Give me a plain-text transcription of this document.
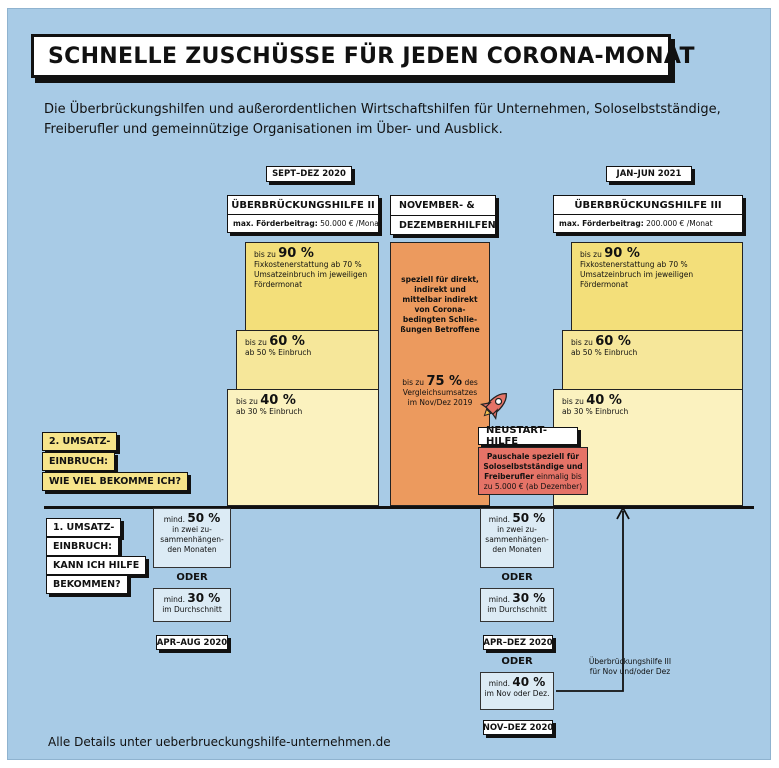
SCHNELLE ZUSCHÜSSE FÜR JEDEN CORONA-MONAT
Die Überbrückungshilfen und außerordentlichen Wirtschaftshilfen für Unternehmen, Soloselbstständige,
Freiberufler und gemeinnützige Organisationen im Über- und Ausblick.
SEPT–DEZ 2020	JAN–JUN 2021
ÜBERBRÜCKUNGSHILFE II
max. Förderbeitrag: 50.000 € /Monat
NOVEMBER- &
DEZEMBERHILFEN
ÜBERBRÜCKUNGSHILFE III
max. Förderbeitrag: 200.000 € /Monat
bis zu 90 %
Fixkostenerstattung ab 70 %
Umsatzeinbruch im jeweiligen
Fördermonat
bis zu 60 %
ab 50 % Einbruch
bis zu 40 %
ab 30 % Einbruch
speziell für direkt,
indirekt und
mittelbar indirekt
von Corona-
bedingten Schlie-
ßungen Betroffene
bis zu 75 % des
Vergleichsumsatzes
im Nov/Dez 2019
bis zu 90 %
Fixkostenerstattung ab 70 %
Umsatzeinbruch im jeweiligen
Fördermonat
bis zu 60 %
ab 50 % Einbruch
bis zu 40 %
ab 30 % Einbruch
NEUSTART-HILFE
Pauschale speziell für
Soloselbstständige und
Freiberufler einmalig bis
zu 5.000 € (ab Dezember)
2. UMSATZ-
EINBRUCH:
WIE VIEL BEKOMME ICH?
1. UMSATZ-
EINBRUCH:
KANN ICH HILFE
BEKOMMEN?
mind. 50 %
in zwei zu-
sammenhängen-
den Monaten
ODER
mind. 30 %
im Durchschnitt
APR–AUG 2020
mind. 50 %
in zwei zu-
sammenhängen-
den Monaten
ODER
mind. 30 %
im Durchschnitt
APR–DEZ 2020
ODER
mind. 40 %
im Nov oder Dez.
NOV–DEZ 2020
Überbrückungshilfe III
für Nov und/oder Dez
Alle Details unter ueberbrueckungshilfe-unternehmen.de
